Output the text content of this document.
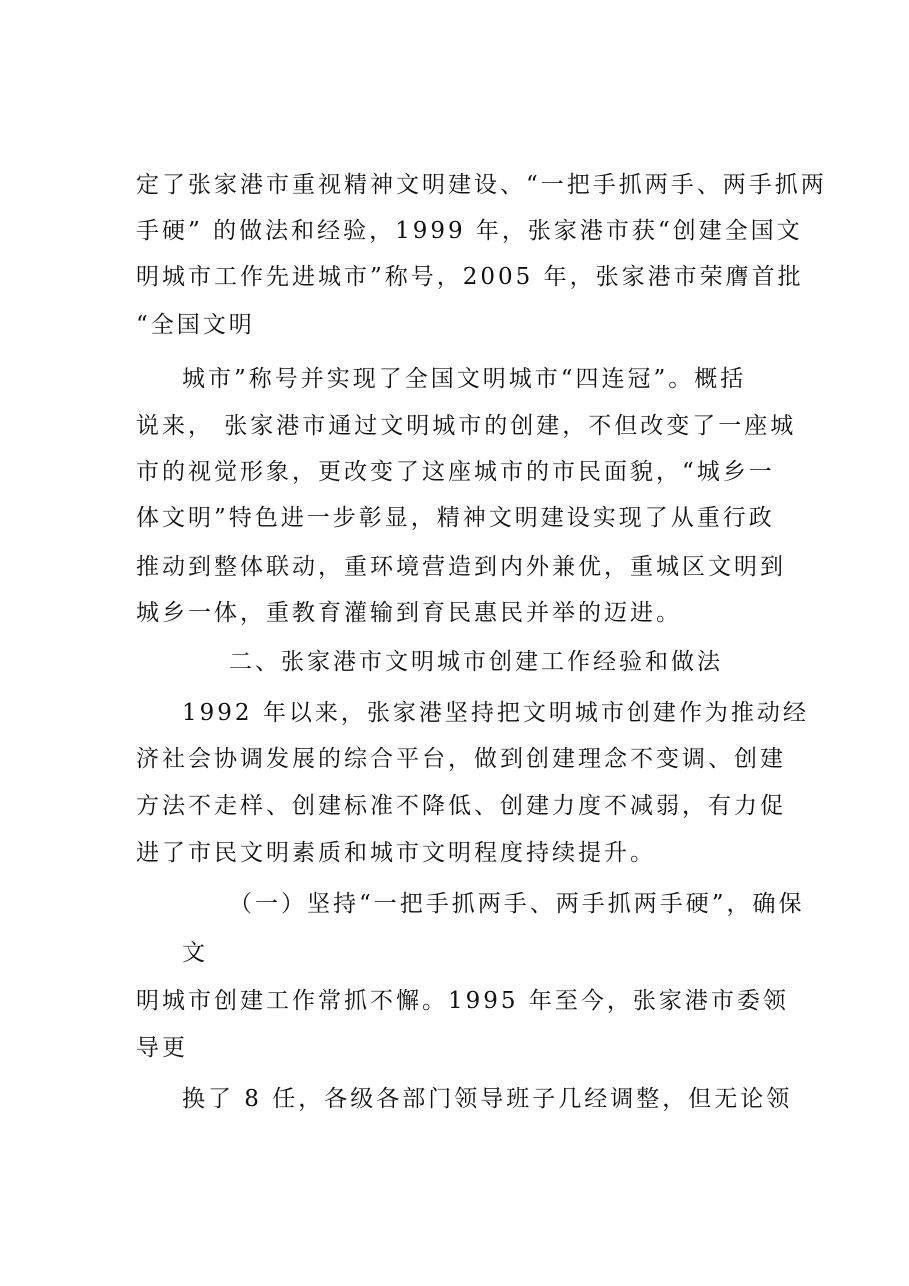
定了张家港市重视精神文明建设、“一把手抓两手、两手抓两
手硬” 的做法和经验，1999 年，张家港市获“创建全国文
明城市工作先进城市”称号，2005 年，张家港市荣膺首批
“全国文明
城市”称号并实现了全国文明城市“四连冠”。概括
说来， 张家港市通过文明城市的创建，不但改变了一座城
市的视觉形象，更改变了这座城市的市民面貌，“城乡一
体文明”特色进一步彰显，精神文明建设实现了从重行政
推动到整体联动，重环境营造到内外兼优，重城区文明到
城乡一体，重教育灌输到育民惠民并举的迈进。
二、张家港市文明城市创建工作经验和做法
1992 年以来，张家港坚持把文明城市创建作为推动经
济社会协调发展的综合平台，做到创建理念不变调、创建
方法不走样、创建标准不降低、创建力度不减弱，有力促
进了市民文明素质和城市文明程度持续提升。
（一）坚持“一把手抓两手、两手抓两手硬”，确保
文
明城市创建工作常抓不懈。1995 年至今，张家港市委领
导更
换了 8 任，各级各部门领导班子几经调整，但无论领
